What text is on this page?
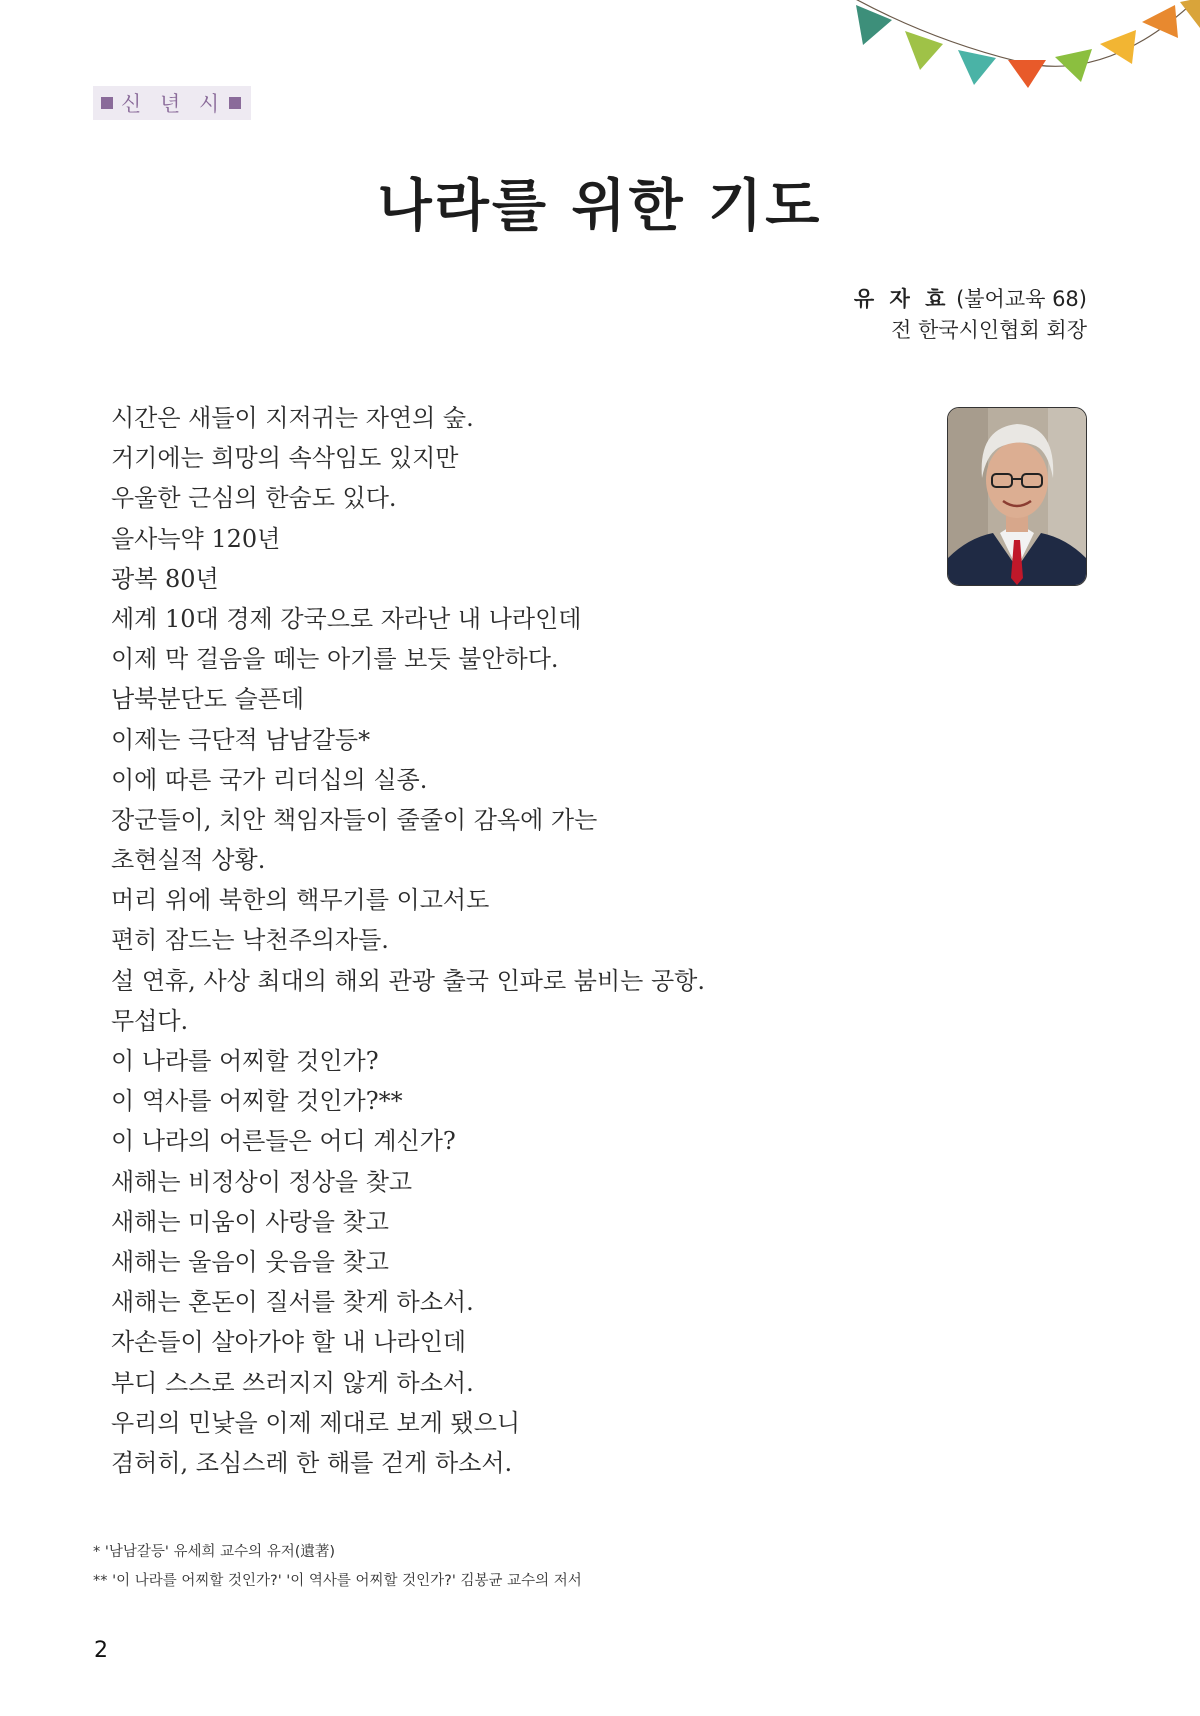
신 년 시
나라를 위한 기도
유 자 효 (불어교육 68)
전 한국시인협회 회장
시간은 새들이 지저귀는 자연의 숲.
거기에는 희망의 속삭임도 있지만
우울한 근심의 한숨도 있다.
을사늑약 120년
광복 80년
세계 10대 경제 강국으로 자라난 내 나라인데
이제 막 걸음을 떼는 아기를 보듯 불안하다.
남북분단도 슬픈데
이제는 극단적 남남갈등*
이에 따른 국가 리더십의 실종.
장군들이, 치안 책임자들이 줄줄이 감옥에 가는
초현실적 상황.
머리 위에 북한의 핵무기를 이고서도
편히 잠드는 낙천주의자들.
설 연휴, 사상 최대의 해외 관광 출국 인파로 붐비는 공항.
무섭다.
이 나라를 어찌할 것인가?
이 역사를 어찌할 것인가?**
이 나라의 어른들은 어디 계신가?
새해는 비정상이 정상을 찾고
새해는 미움이 사랑을 찾고
새해는 울음이 웃음을 찾고
새해는 혼돈이 질서를 찾게 하소서.
자손들이 살아가야 할 내 나라인데
부디 스스로 쓰러지지 않게 하소서.
우리의 민낯을 이제 제대로 보게 됐으니
겸허히, 조심스레 한 해를 걷게 하소서.
* '남남갈등' 유세희 교수의 유저(遺著)
** '이 나라를 어찌할 것인가?' '이 역사를 어찌할 것인가?' 김봉균 교수의 저서
2
